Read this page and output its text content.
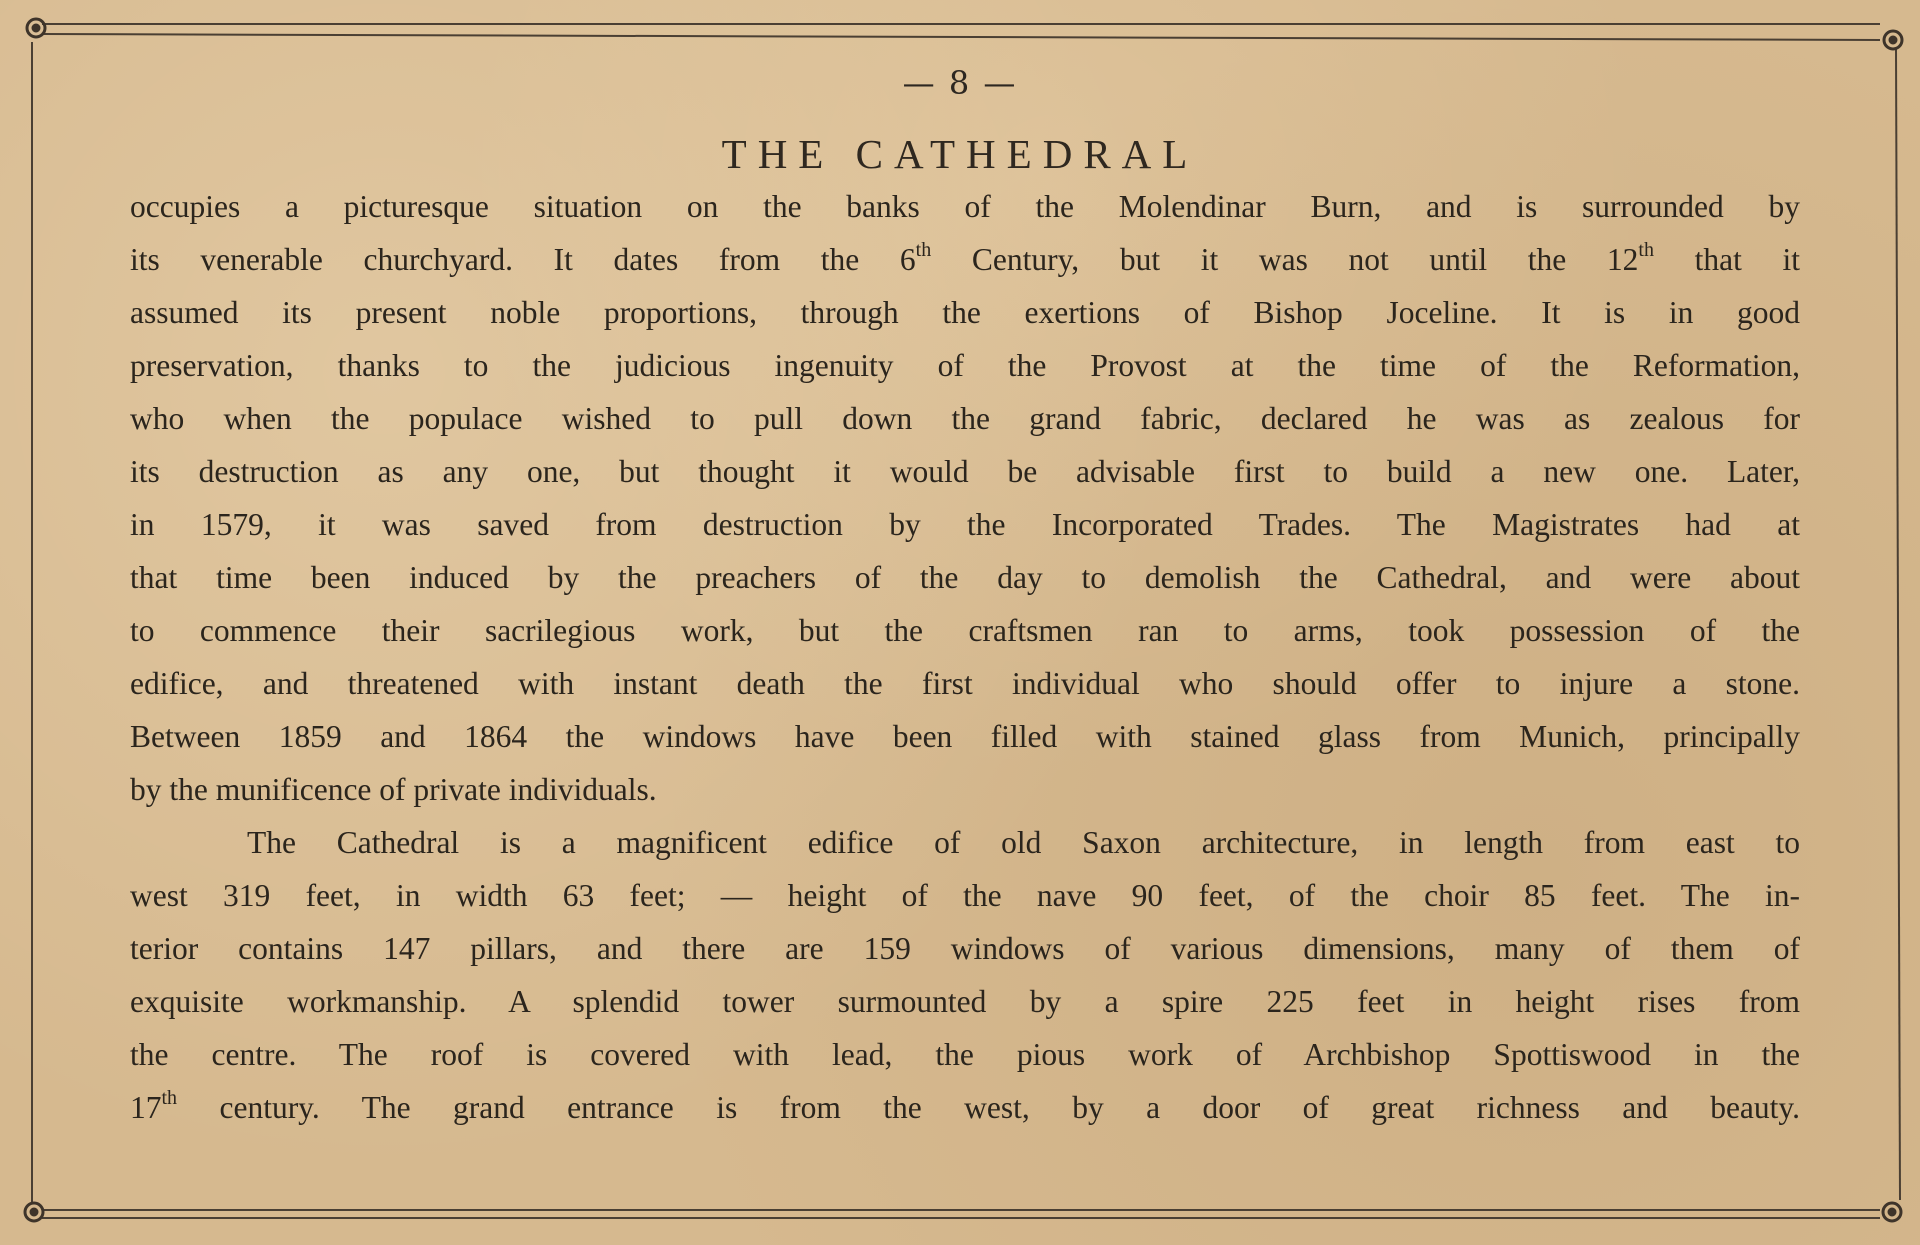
— 8 —
THE CATHEDRAL
occupies a picturesque situation on the banks of the Molendinar Burn, and is surrounded by
its venerable churchyard. It dates from the 6th Century, but it was not until the 12th that it
assumed its present noble proportions, through the exertions of Bishop Joceline. It is in good
preservation, thanks to the judicious ingenuity of the Provost at the time of the Reformation,
who when the populace wished to pull down the grand fabric, declared he was as zealous for
its destruction as any one, but thought it would be advisable first to build a new one. Later,
in 1579, it was saved from destruction by the Incorporated Trades. The Magistrates had at
that time been induced by the preachers of the day to demolish the Cathedral, and were about
to commence their sacrilegious work, but the craftsmen ran to arms, took possession of the
edifice, and threatened with instant death the first individual who should offer to injure a stone.
Between 1859 and 1864 the windows have been filled with stained glass from Munich, principally
by the munificence of private individuals.
The Cathedral is a magnificent edifice of old Saxon architecture, in length from east to
west 319 feet, in width 63 feet; — height of the nave 90 feet, of the choir 85 feet. The in-
terior contains 147 pillars, and there are 159 windows of various dimensions, many of them of
exquisite workmanship. A splendid tower surmounted by a spire 225 feet in height rises from
the centre. The roof is covered with lead, the pious work of Archbishop Spottiswood in the
17th century. The grand entrance is from the west, by a door of great richness and beauty.
